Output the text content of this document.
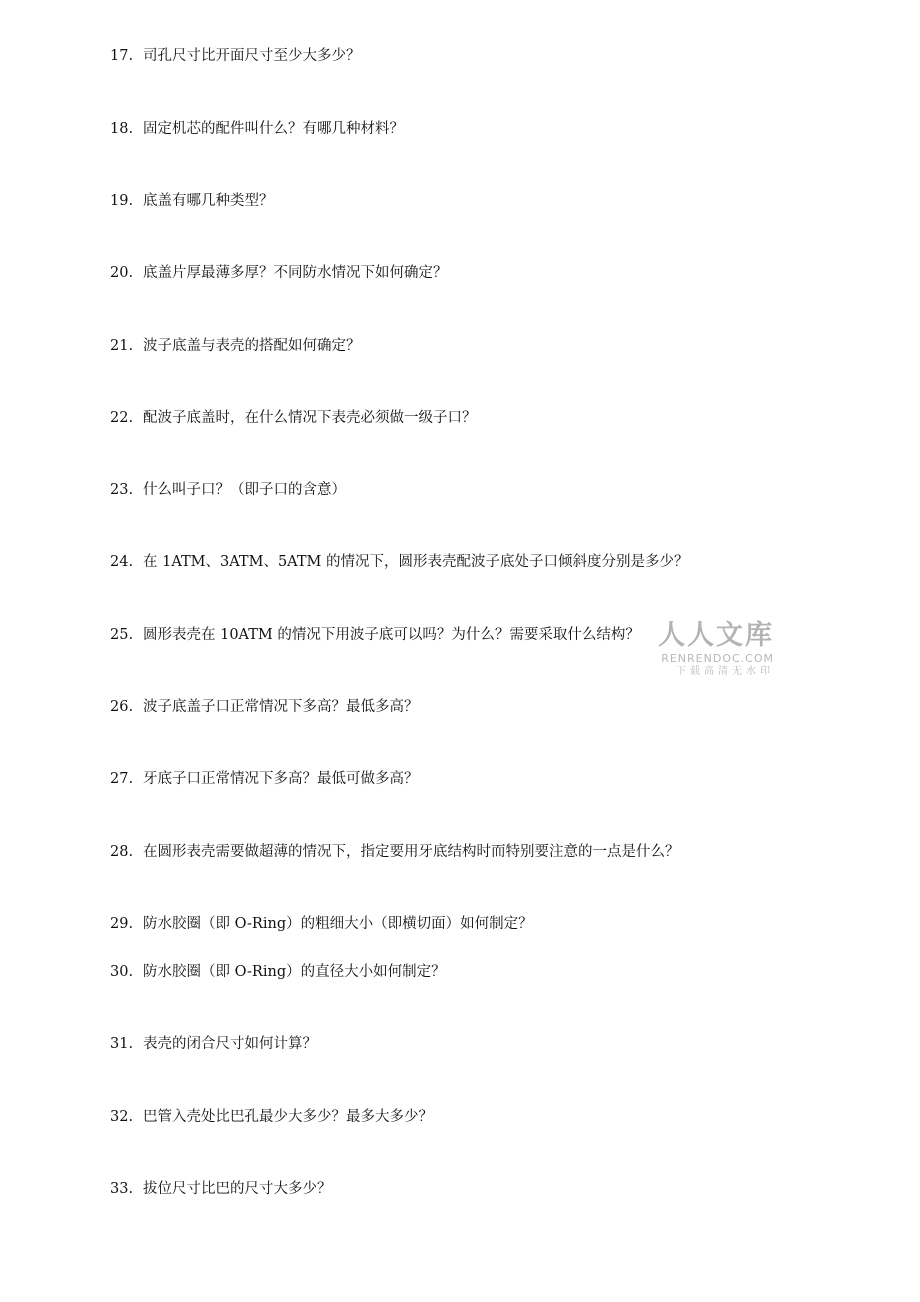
17. 司孔尺寸比开面尺寸至少大多少？
18. 固定机芯的配件叫什么？有哪几种材料？
19. 底盖有哪几种类型？
20. 底盖片厚最薄多厚？不同防水情况下如何确定？
21. 波子底盖与表壳的搭配如何确定？
22. 配波子底盖时，在什么情况下表壳必须做一级子口？
23. 什么叫子口？（即子口的含意）
24. 在 1ATM、3ATM、5ATM 的情况下，圆形表壳配波子底处子口倾斜度分别是多少？
25. 圆形表壳在 10ATM 的情况下用波子底可以吗？为什么？需要采取什么结构？
26. 波子底盖子口正常情况下多高？最低多高？
27. 牙底子口正常情况下多高？最低可做多高？
28. 在圆形表壳需要做超薄的情况下，指定要用牙底结构时而特别要注意的一点是什么？
29. 防水胶圈（即 O-Ring）的粗细大小（即横切面）如何制定？
30. 防水胶圈（即 O-Ring）的直径大小如何制定？
31. 表壳的闭合尺寸如何计算？
32. 巴管入壳处比巴孔最少大多少？最多大多少？
33. 拔位尺寸比巴的尺寸大多少？
人人文库
RENRENDOC.COM
下载高清无水印
